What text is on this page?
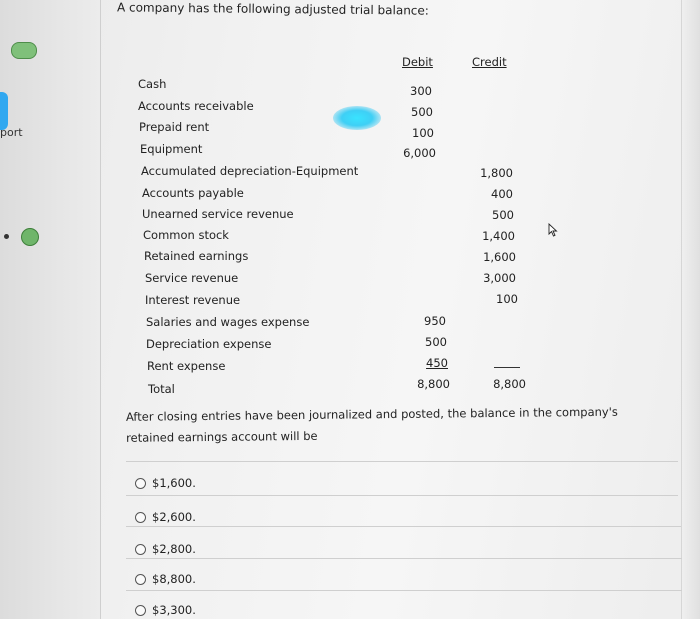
port
A company has the following adjusted trial balance:
Debit	Credit
Cash
Accounts receivable
Prepaid rent
Equipment
Accumulated depreciation-Equipment
Accounts payable
Unearned service revenue
Common stock
Retained earnings
Service revenue
Interest revenue
Salaries and wages expense
Depreciation expense
Rent expense
Total
300
500
100
6,000
950
500
450
8,800
1,800
400
500
1,400
1,600
3,000
100
8,800
After closing entries have been journalized and posted, the balance in the company's retained earnings account will be
$1,600.
$2,600.
$2,800.
$8,800.
$3,300.
